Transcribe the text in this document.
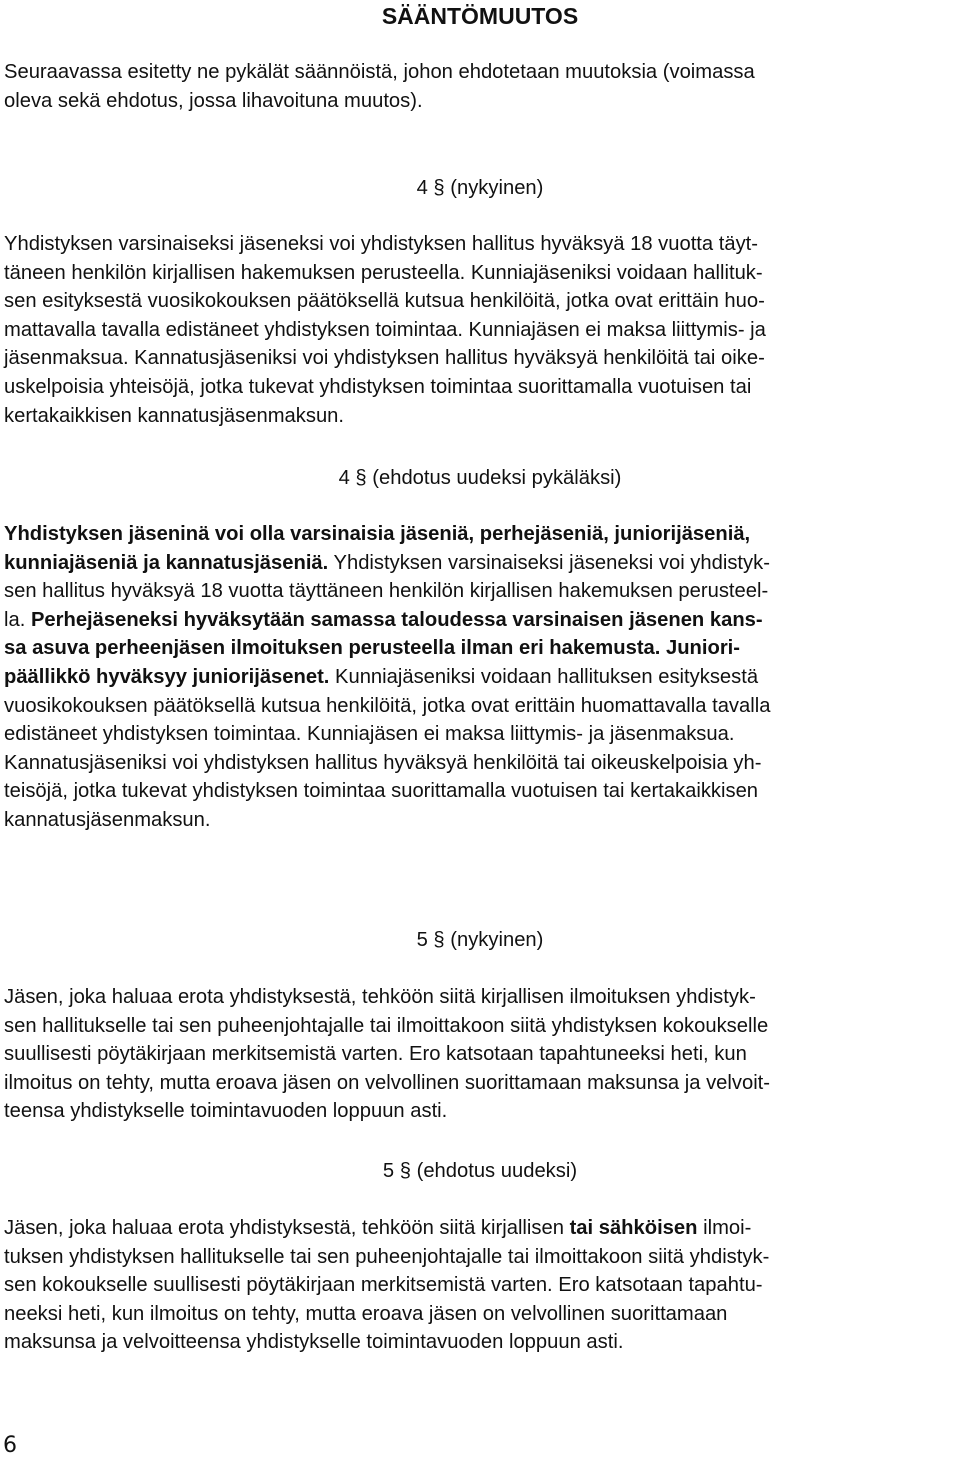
SÄÄNTÖMUUTOS
Seuraavassa esitetty ne pykälät säännöistä, johon ehdotetaan muutoksia (voimassa
oleva sekä ehdotus, jossa lihavoituna muutos).
4 § (nykyinen)
Yhdistyksen varsinaiseksi jäseneksi voi yhdistyksen hallitus hyväksyä 18 vuotta täyt-
täneen henkilön kirjallisen hakemuksen perusteella. Kunniajäseniksi voidaan hallituk-
sen esityksestä vuosikokouksen päätöksellä kutsua henkilöitä, jotka ovat erittäin huo-
mattavalla tavalla edistäneet yhdistyksen toimintaa. Kunniajäsen ei maksa liittymis- ja
jäsenmaksua. Kannatusjäseniksi voi yhdistyksen hallitus hyväksyä henkilöitä tai oike-
uskelpoisia yhteisöjä, jotka tukevat yhdistyksen toimintaa suorittamalla vuotuisen tai
kertakaikkisen kannatusjäsenmaksun.
4 § (ehdotus uudeksi pykäläksi)
Yhdistyksen jäseninä voi olla varsinaisia jäseniä, perhejäseniä, juniorijäseniä,
kunniajäseniä ja kannatusjäseniä. Yhdistyksen varsinaiseksi jäseneksi voi yhdistyk-
sen hallitus hyväksyä 18 vuotta täyttäneen henkilön kirjallisen hakemuksen perusteel-
la. Perhejäseneksi hyväksytään samassa taloudessa varsinaisen jäsenen kans-
sa asuva perheenjäsen ilmoituksen perusteella ilman eri hakemusta. Juniori-
päällikkö hyväksyy juniorijäsenet. Kunniajäseniksi voidaan hallituksen esityksestä
vuosikokouksen päätöksellä kutsua henkilöitä, jotka ovat erittäin huomattavalla tavalla
edistäneet yhdistyksen toimintaa. Kunniajäsen ei maksa liittymis- ja jäsenmaksua.
Kannatusjäseniksi voi yhdistyksen hallitus hyväksyä henkilöitä tai oikeuskelpoisia yh-
teisöjä, jotka tukevat yhdistyksen toimintaa suorittamalla vuotuisen tai kertakaikkisen
kannatusjäsenmaksun.
5 § (nykyinen)
Jäsen, joka haluaa erota yhdistyksestä, tehköön siitä kirjallisen ilmoituksen yhdistyk-
sen hallitukselle tai sen puheenjohtajalle tai ilmoittakoon siitä yhdistyksen kokoukselle
suullisesti pöytäkirjaan merkitsemistä varten. Ero katsotaan tapahtuneeksi heti, kun
ilmoitus on tehty, mutta eroava jäsen on velvollinen suorittamaan maksunsa ja velvoit-
teensa yhdistykselle toimintavuoden loppuun asti.
5 § (ehdotus uudeksi)
Jäsen, joka haluaa erota yhdistyksestä, tehköön siitä kirjallisen tai sähköisen ilmoi-
tuksen yhdistyksen hallitukselle tai sen puheenjohtajalle tai ilmoittakoon siitä yhdistyk-
sen kokoukselle suullisesti pöytäkirjaan merkitsemistä varten. Ero katsotaan tapahtu-
neeksi heti, kun ilmoitus on tehty, mutta eroava jäsen on velvollinen suorittamaan
maksunsa ja velvoitteensa yhdistykselle toimintavuoden loppuun asti.
6
